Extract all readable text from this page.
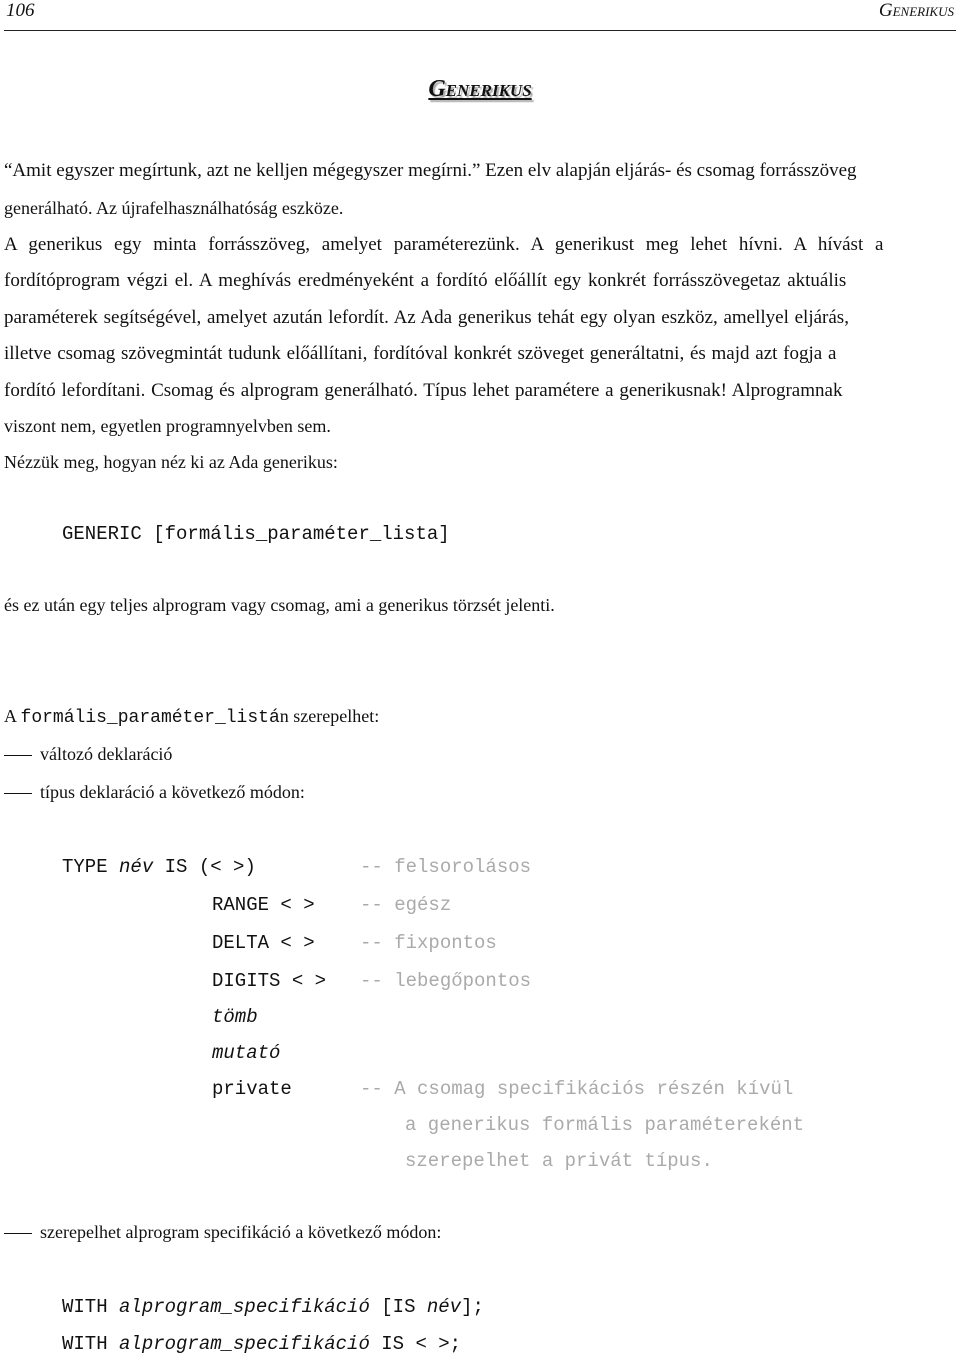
106	Generikus
Generikus
“Amit egyszer megírtunk, azt ne kelljen mégegyszer megírni.” Ezen elv alapján eljárás- és csomag forrásszöveg
generálható. Az újrafelhasználhatóság eszköze.
A generikus egy minta forrásszöveg, amelyet paraméterezünk. A generikust meg lehet hívni. A hívást a
fordítóprogram végzi el. A meghívás eredményeként a fordító előállít egy konkrét forrásszövegetaz aktuális
paraméterek segítségével, amelyet azután lefordít. Az Ada generikus tehát egy olyan eszköz, amellyel eljárás,
illetve csomag szövegmintát tudunk előállítani, fordítóval konkrét szöveget generáltatni, és majd azt fogja a
fordító lefordítani. Csomag és alprogram generálható. Típus lehet paramétere a generikusnak! Alprogramnak
viszont nem, egyetlen programnyelvben sem.
Nézzük meg, hogyan néz ki az Ada generikus:
GENERIC [formális_paraméter_lista]
és ez után egy teljes alprogram vagy csomag, ami a generikus törzsét jelenti.
A formális_paraméter_listán szerepelhet:
változó deklaráció
típus deklaráció a következő módon:
TYPE név IS (< >)	-- felsorolásos
RANGE < > -- egész
DELTA < > -- fixpontos
DIGITS < > -- lebegőpontos
tömb
mutató
private	-- A csomag specifikációs részén kívül
a generikus formális paramétereként
szerepelhet a privát típus.
szerepelhet alprogram specifikáció a következő módon:
WITH alprogram_specifikáció [IS név];
WITH alprogram_specifikáció IS < >;
